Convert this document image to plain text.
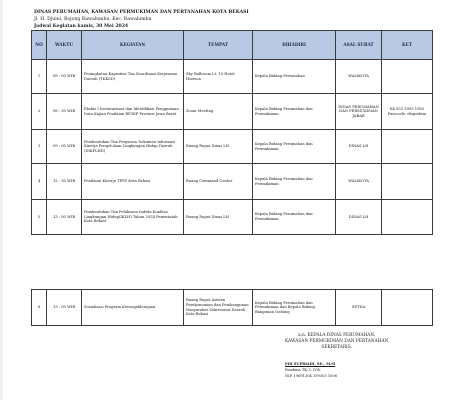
DINAS PERUMAHAN, KAWASAN PERMUKIMAN DAN PERTANAHAN KOTA BEKASI
Jl. H. Djuini, Bojong Rawalumbu, Kec. Rawalumbu
Jadwal Kegiatan kamis, 30 Mei 2024
NO	WAKTU	KEGIATAN	TEMPAT	DIHADIRI	ASAL SURAT	KET
1	08 : 00 WIB	Peningkatan Kapasitas Tim Koordinasi Kerjasama Daerah (TKKSD)	Sky Ballroom Lt. 10 Hotel Horison	Kepala Bidang Pertanahan	WALIKOTA	
2	08 : 30 WIB	Ekskis I Inventarisasi dan Identifikasi Penggunaan Data Kajian Penilaian RP3KP Provinsi Jawa Barat	Zoom Meeting	Kepala Bidang Perumahan dan Permukiman	DINAS PERUMAHAN DAN PERMUKIMAN JABAR	Ek 053 3993 1983 Passcode: disperkim
3	09 : 00 WIB	Pembentukan Tim Penyusun Dokumen Informasi Kinerja Pengelolaan Lingkungan Hidup Daerah (DIKPLHD)	Ruang Rapat Dinas LH	Kepala Bidang Perumahan dan Permukiman	DINAS LH	
4	12 : 30 WIB	Penilaian Kinerja TPPS Kota Bekasi	Ruang Command Center	Kepala Bidang Perumahan dan Permukiman	WALIKOTA	
5	13 : 00 WIB	Pembentukan Tim Pelaksana Indeks Kualitas Lingkungan Hidup(IKLH) Tahun 2024 Pemerintah Kota Bekasi	Ruang Rapat Dinas LH	Kepala Bidang Perumahan dan Permukiman	DINAS LH	
6	13 : 00 WIB	Sosialisasi Program Keveageklentjaan	Ruang Rapat Asisten Perekonomian dan Pembangunan Masyarakat Sekretariat Daerah Kota Bekasi	Kepala Bidang Perumahan dan Permukiman dan Kepala Bidang Bangunan Gedung	SETDA	
a.n. KEPALA DINAS PERUMAHAN,
KAWASAN PERMUKIMAN DAN PERTANAHAN
SEKRETARIS,
EDI SUPRIADI, SE., M.Si
Pembina TK. I, IV/b
NIP. 19691204 199303 1006
